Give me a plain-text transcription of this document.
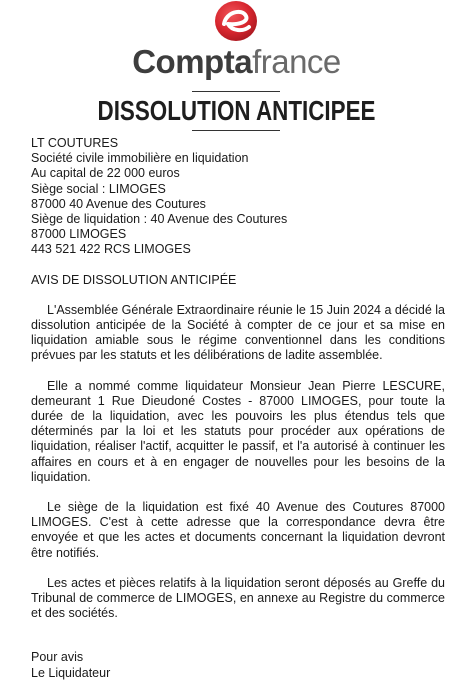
Comptafrance
DISSOLUTION ANTICIPEE
LT COUTURES
Société civile immobilière en liquidation
Au capital de 22 000 euros
Siège social : LIMOGES
87000 40 Avenue des Coutures
Siège de liquidation : 40 Avenue des Coutures
87000 LIMOGES
443 521 422 RCS LIMOGES

AVIS DE DISSOLUTION ANTICIPÉE

L'Assemblée Générale Extraordinaire réunie le 15 Juin 2024 a décidé la dissolution anticipée de la Société à compter de ce jour et sa mise en liquidation amiable sous le régime conventionnel dans les conditions prévues par les statuts et les délibérations de ladite assemblée.

Elle a nommé comme liquidateur Monsieur Jean Pierre LESCURE, demeurant 1 Rue Dieudoné Costes - 87000 LIMOGES, pour toute la durée de la liquidation, avec les pouvoirs les plus étendus tels que déterminés par la loi et les statuts pour procéder aux opérations de liquidation, réaliser l'actif, acquitter le passif, et l'a autorisé à continuer les affaires en cours et à en engager de nouvelles pour les besoins de la liquidation.

Le siège de la liquidation est fixé 40 Avenue des Coutures 87000 LIMOGES. C'est à cette adresse que la correspondance devra être envoyée et que les actes et documents concernant la liquidation devront être notifiés.

Les actes et pièces relatifs à la liquidation seront déposés au Greffe du Tribunal de commerce de LIMOGES, en annexe au Registre du commerce et des sociétés.

Pour avis
Le Liquidateur
